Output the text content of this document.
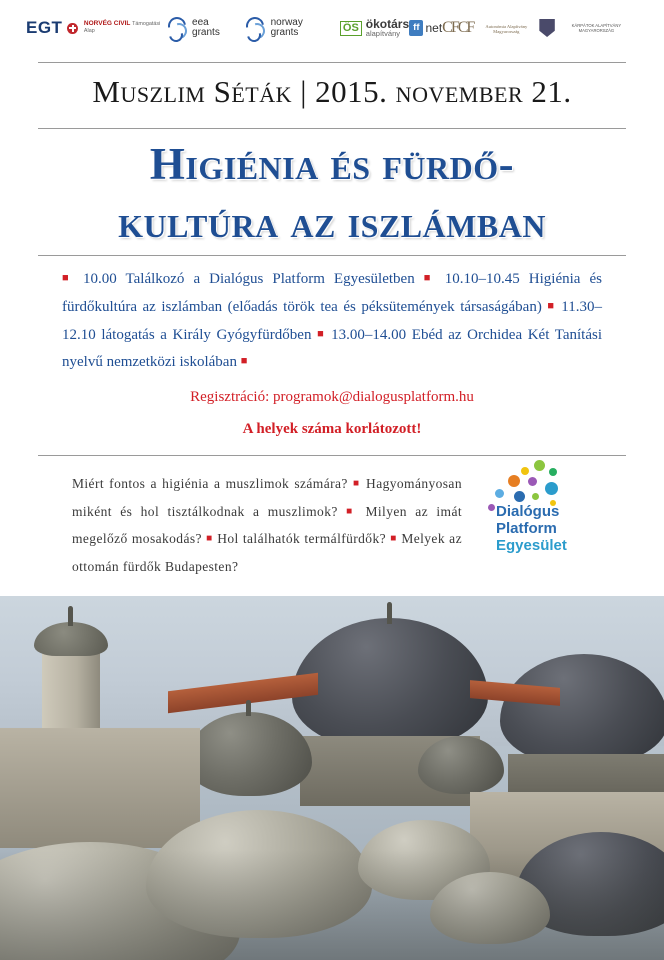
EGT	NORVÉG CIVIL Támogatási Alap
eea grants
norway grants	ÖS ökotárs
alapítvány
ff net CFCF	Autonómia Alapítvány Magyarország
KÁRPÁTOK ALAPÍTVÁNY MAGYARORSZÁG
Muszlim Séták | 2015. november 21.
Higiénia és fürdő-
kultúra az iszlámban
■ 10.00 Találkozó a Dialógus Platform Egyesületben ■ 10.10–10.45 Higiénia és fürdőkultúra az iszlámban (előadás török tea és péksütemények társaságában) ■ 11.30–12.10 látogatás a Király Gyógyfürdőben ■ 13.00–14.00 Ebéd az Orchidea Két Tanítási nyelvű nemzetközi iskolában ■
Regisztráció: programok@dialogusplatform.hu
A helyek száma korlátozott!
Miért fontos a higiénia a muszlimok számára? ■ Hagyományosan miként és hol tisztálkodnak a muszlimok? ■ Milyen az imát megelőző mosakodás? ■ Hol találhatók termálfürdők? ■ Melyek az ottomán fürdők Budapesten?
Dialógus
Platform
Egyesület
